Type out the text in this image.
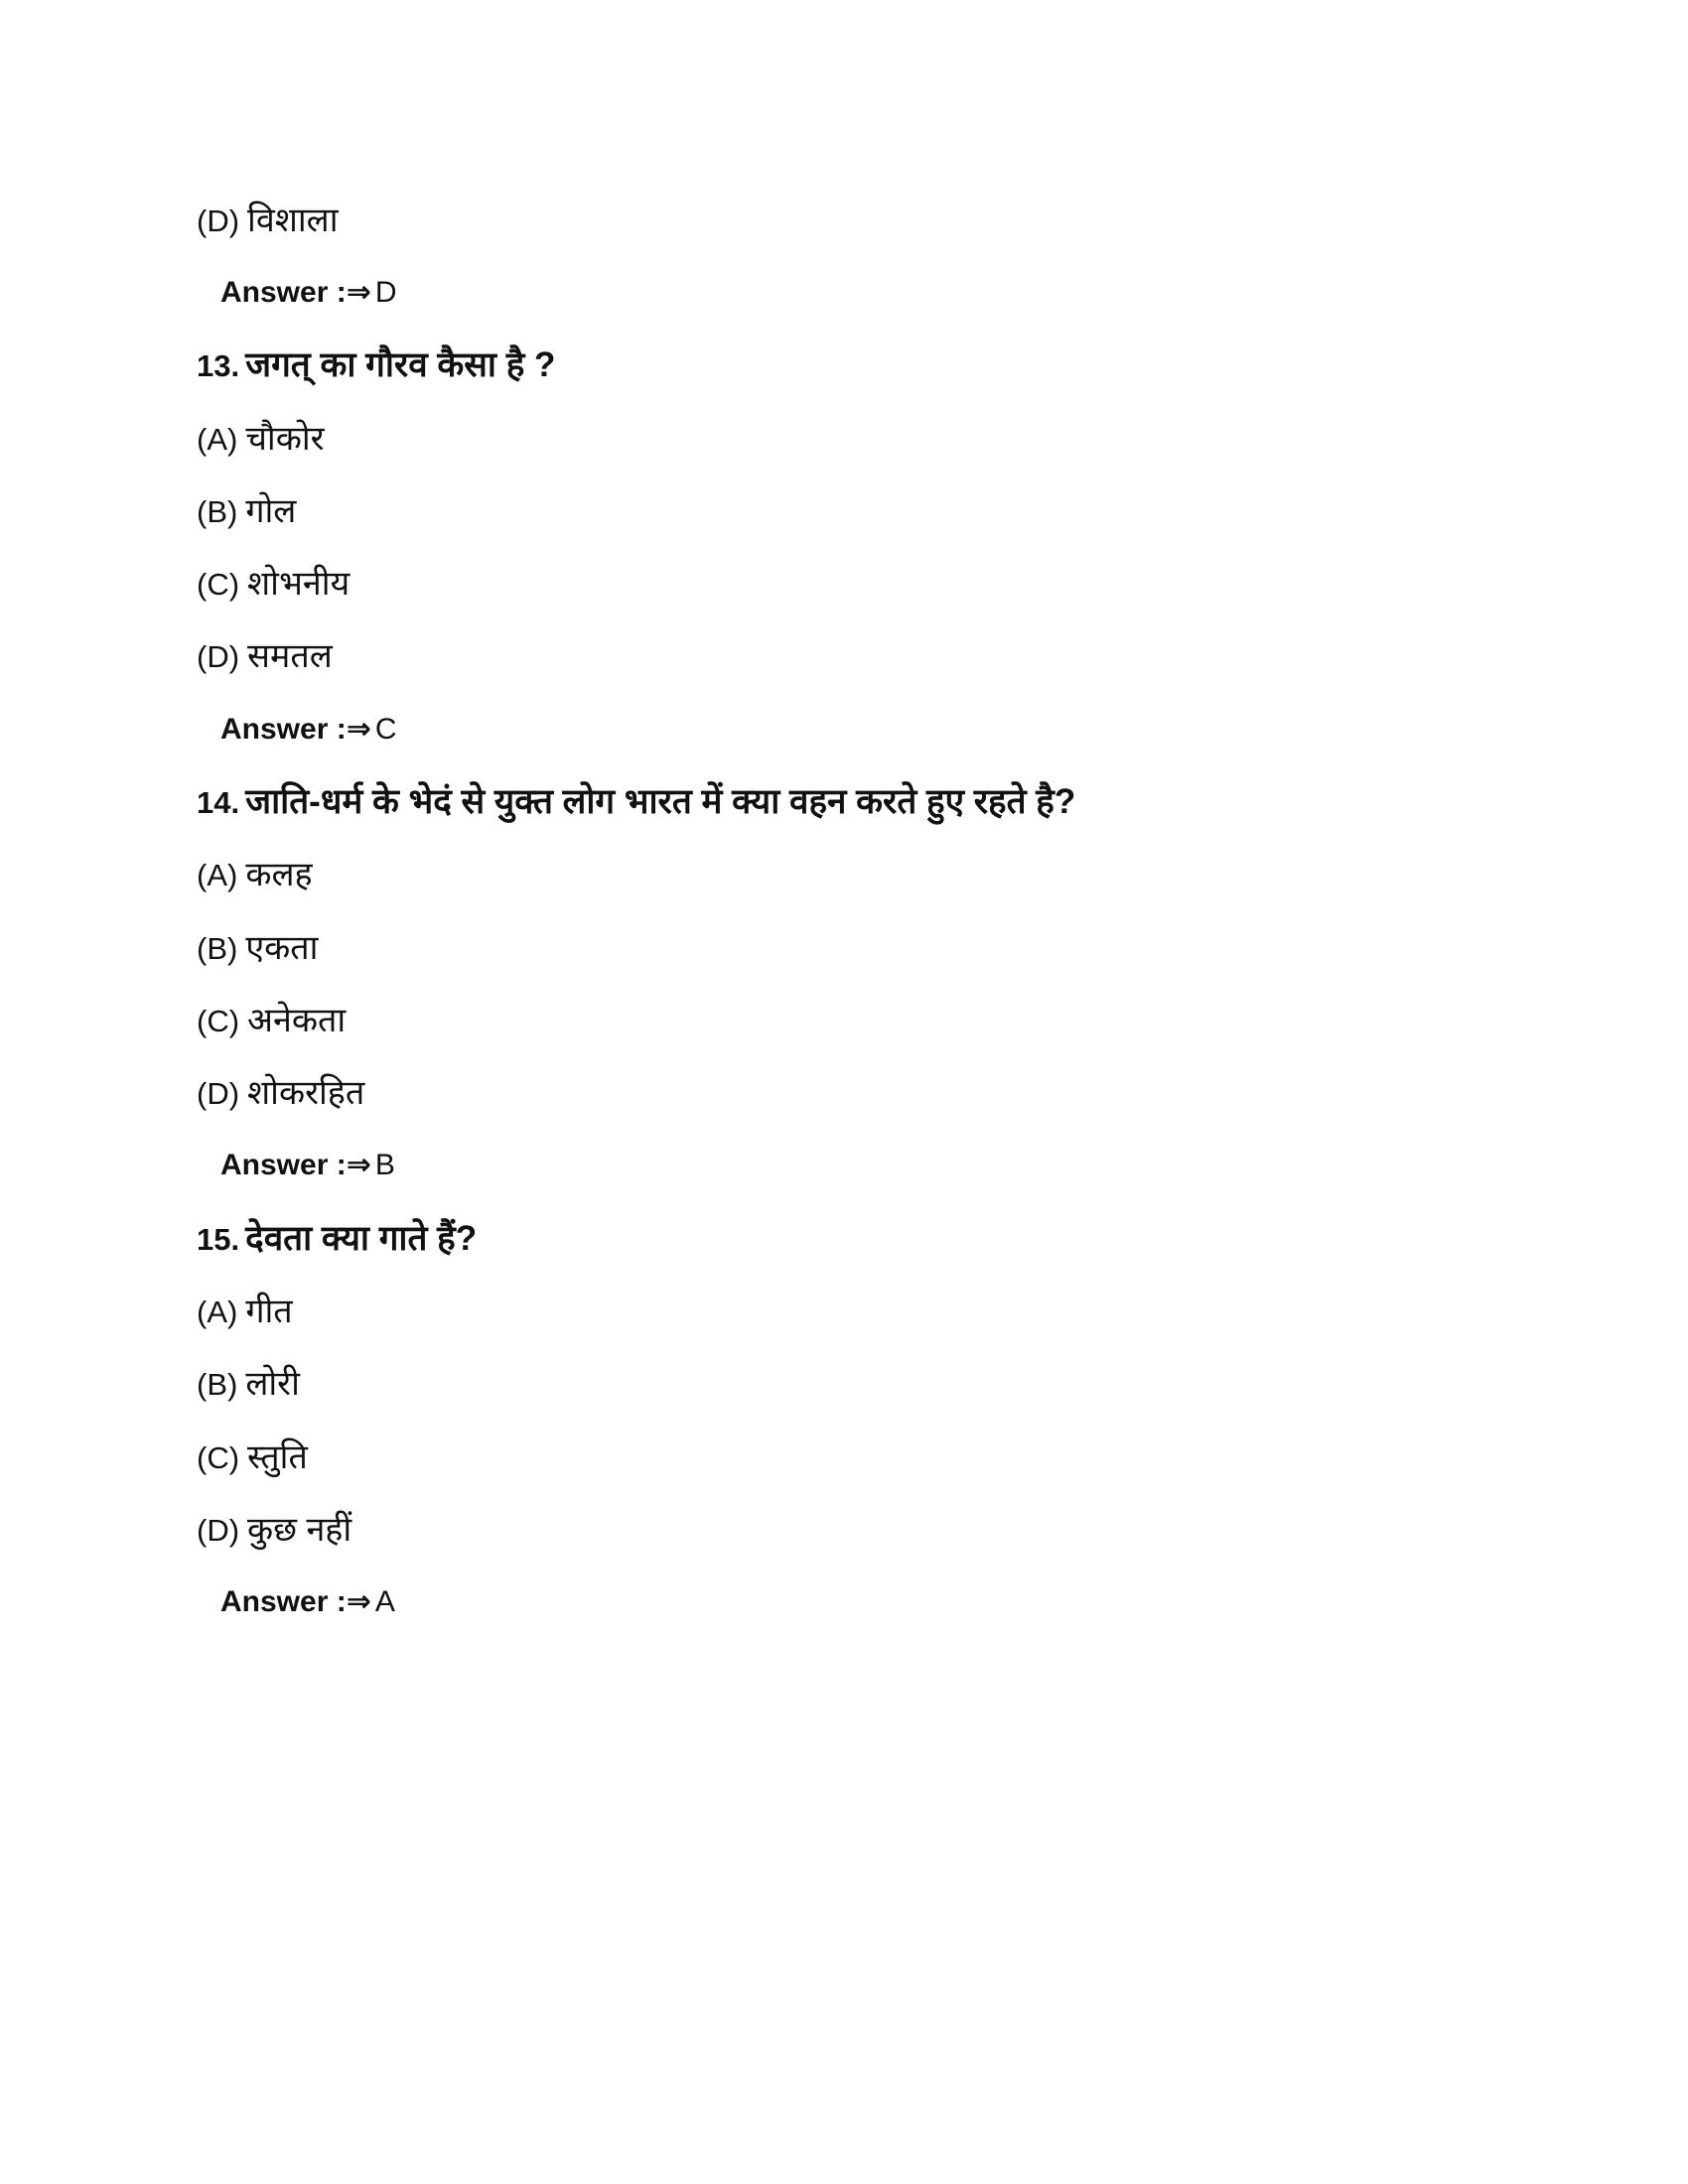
(D) विशाला
Answer :⇒ D
13. जगत् का गौरव कैसा है ?
(A) चौकोर
(B) गोल
(C) शोभनीय
(D) समतल
Answer :⇒ C
14. जाति-धर्म के भेदं से युक्त लोग भारत में क्या वहन करते हुए रहते है?
(A) कलह
(B) एकता
(C) अनेकता
(D) शोकरहित
Answer :⇒ B
15. देवता क्या गाते हैं?
(A) गीत
(B) लोरी
(C) स्तुति
(D) कुछ नहीं
Answer :⇒ A
